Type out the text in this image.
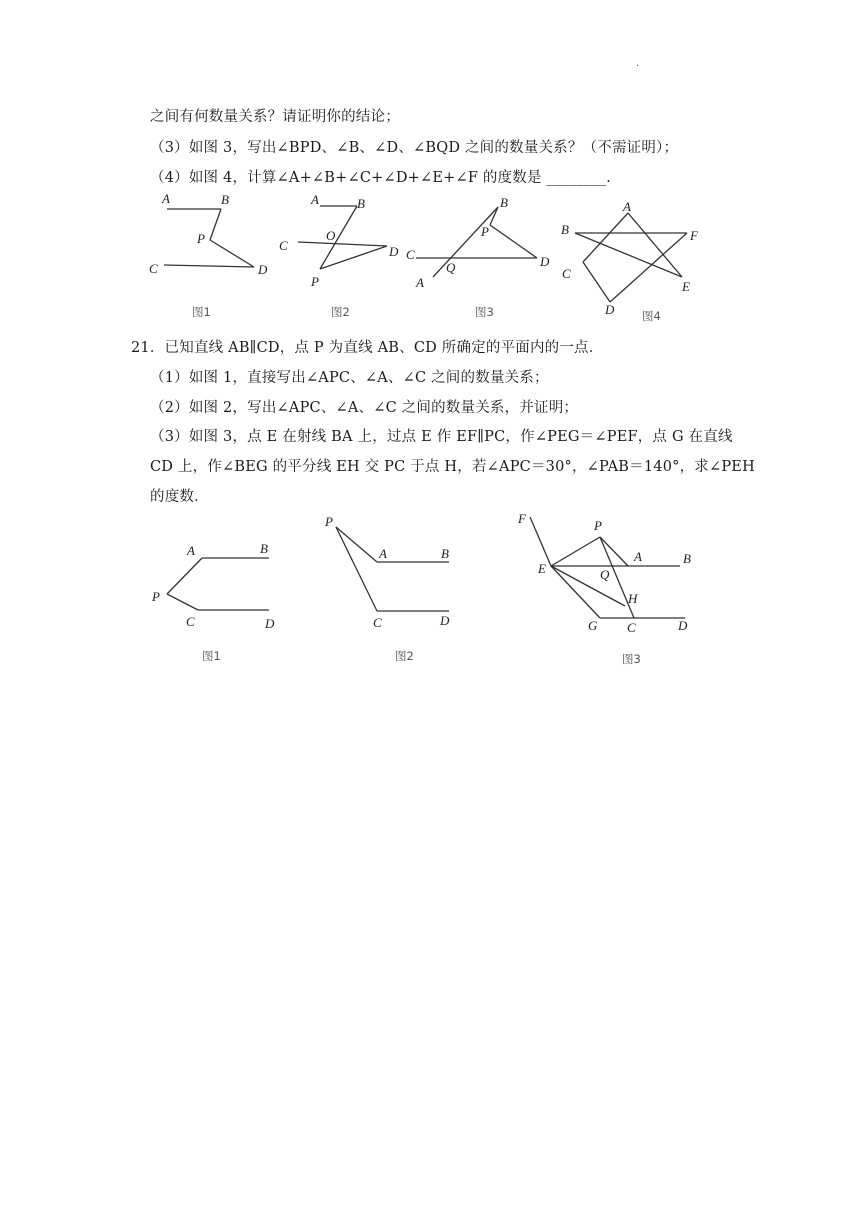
.
之间有何数量关系？请证明你的结论；
（3）如图 3，写出∠BPD、∠B、∠D、∠BQD 之间的数量关系？（不需证明）；
（4）如图 4，计算∠A+∠B+∠C+∠D+∠E+∠F 的度数是 ________.
A	B
P
C	D
图1
A	B
C
O
D
P
图2
B
P
C
Q	D
A
图3
A
B	F
C
E
D 图4
21．已知直线 AB∥CD，点 P 为直线 AB、CD 所确定的平面内的一点．
（1）如图 1，直接写出∠APC、∠A、∠C 之间的数量关系；
（2）如图 2，写出∠APC、∠A、∠C 之间的数量关系，并证明；
（3）如图 3，点 E 在射线 BA 上，过点 E 作 EF∥PC，作∠PEG＝∠PEF，点 G 在直线
CD 上，作∠BEG 的平分线 EH 交 PC 于点 H，若∠APC＝30°，∠PAB＝140°，求∠PEH
的度数．
A	B
P
C	D
图1
P
A	B
C	D
图2
F	P
A	B
E	Q
H
G C	D
图3
